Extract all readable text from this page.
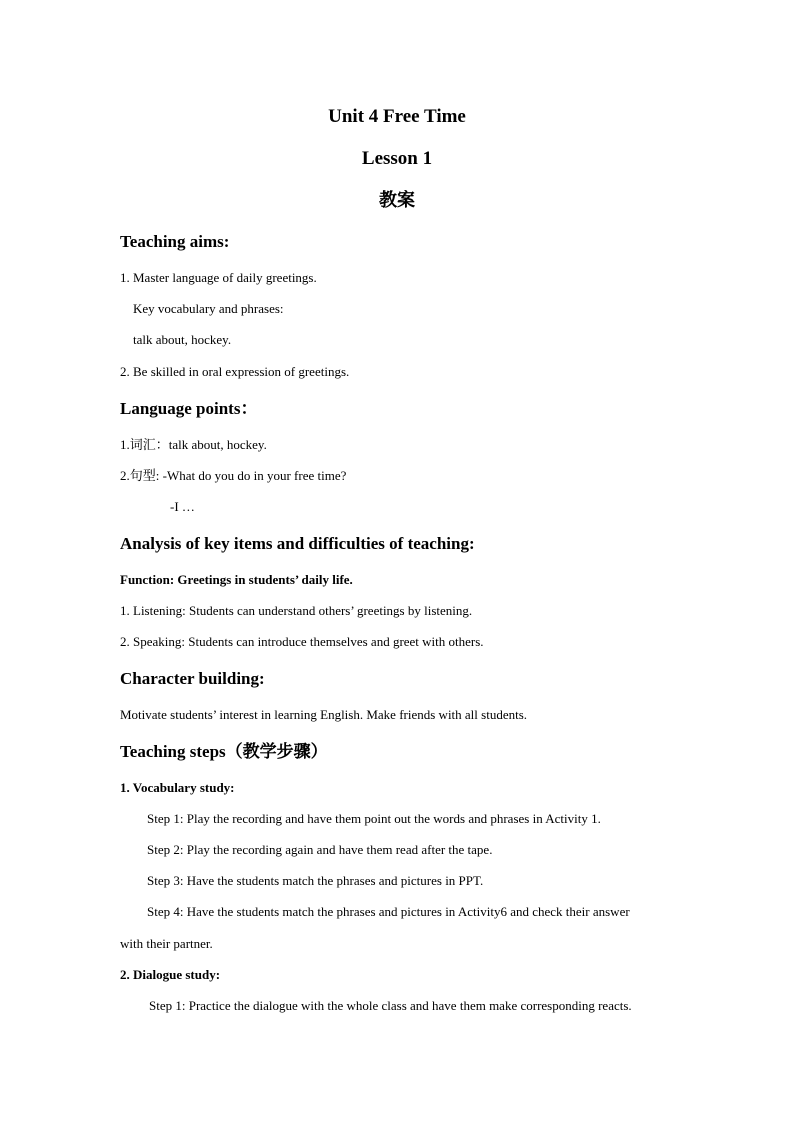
Unit 4 Free Time
Lesson 1
教案
Teaching aims:

1. Master language of daily greetings.

Key vocabulary and phrases:

talk about, hockey.

2. Be skilled in oral expression of greetings.

Language points：

1.词汇：talk about, hockey.

2.句型: -What do you do in your free time?

-I …

Analysis of key items and difficulties of teaching:

Function: Greetings in students’ daily life.

1. Listening: Students can understand others’ greetings by listening.

2. Speaking: Students can introduce themselves and greet with others.

Character building:

Motivate students’ interest in learning English. Make friends with all students.

Teaching steps（教学步骤）

1. Vocabulary study:

Step 1: Play the recording and have them point out the words and phrases in Activity 1.

Step 2: Play the recording again and have them read after the tape.

Step 3: Have the students match the phrases and pictures in PPT.

Step 4: Have the students match the phrases and pictures in Activity6 and check their answer

with their partner.

2. Dialogue study:

Step 1: Practice the dialogue with the whole class and have them make corresponding reacts.
